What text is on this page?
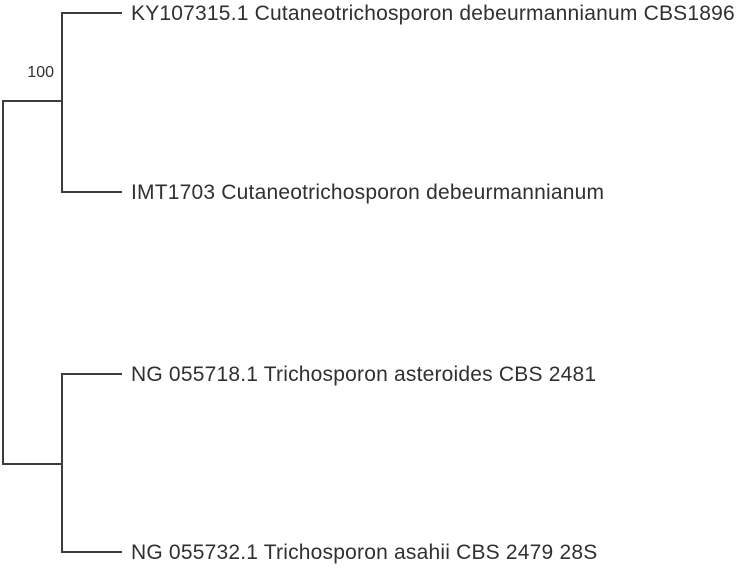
100
KY107315.1 Cutaneotrichosporon debeurmannianum CBS1896
IMT1703 Cutaneotrichosporon debeurmannianum
NG 055718.1 Trichosporon asteroides CBS 2481
NG 055732.1 Trichosporon asahii CBS 2479 28S
